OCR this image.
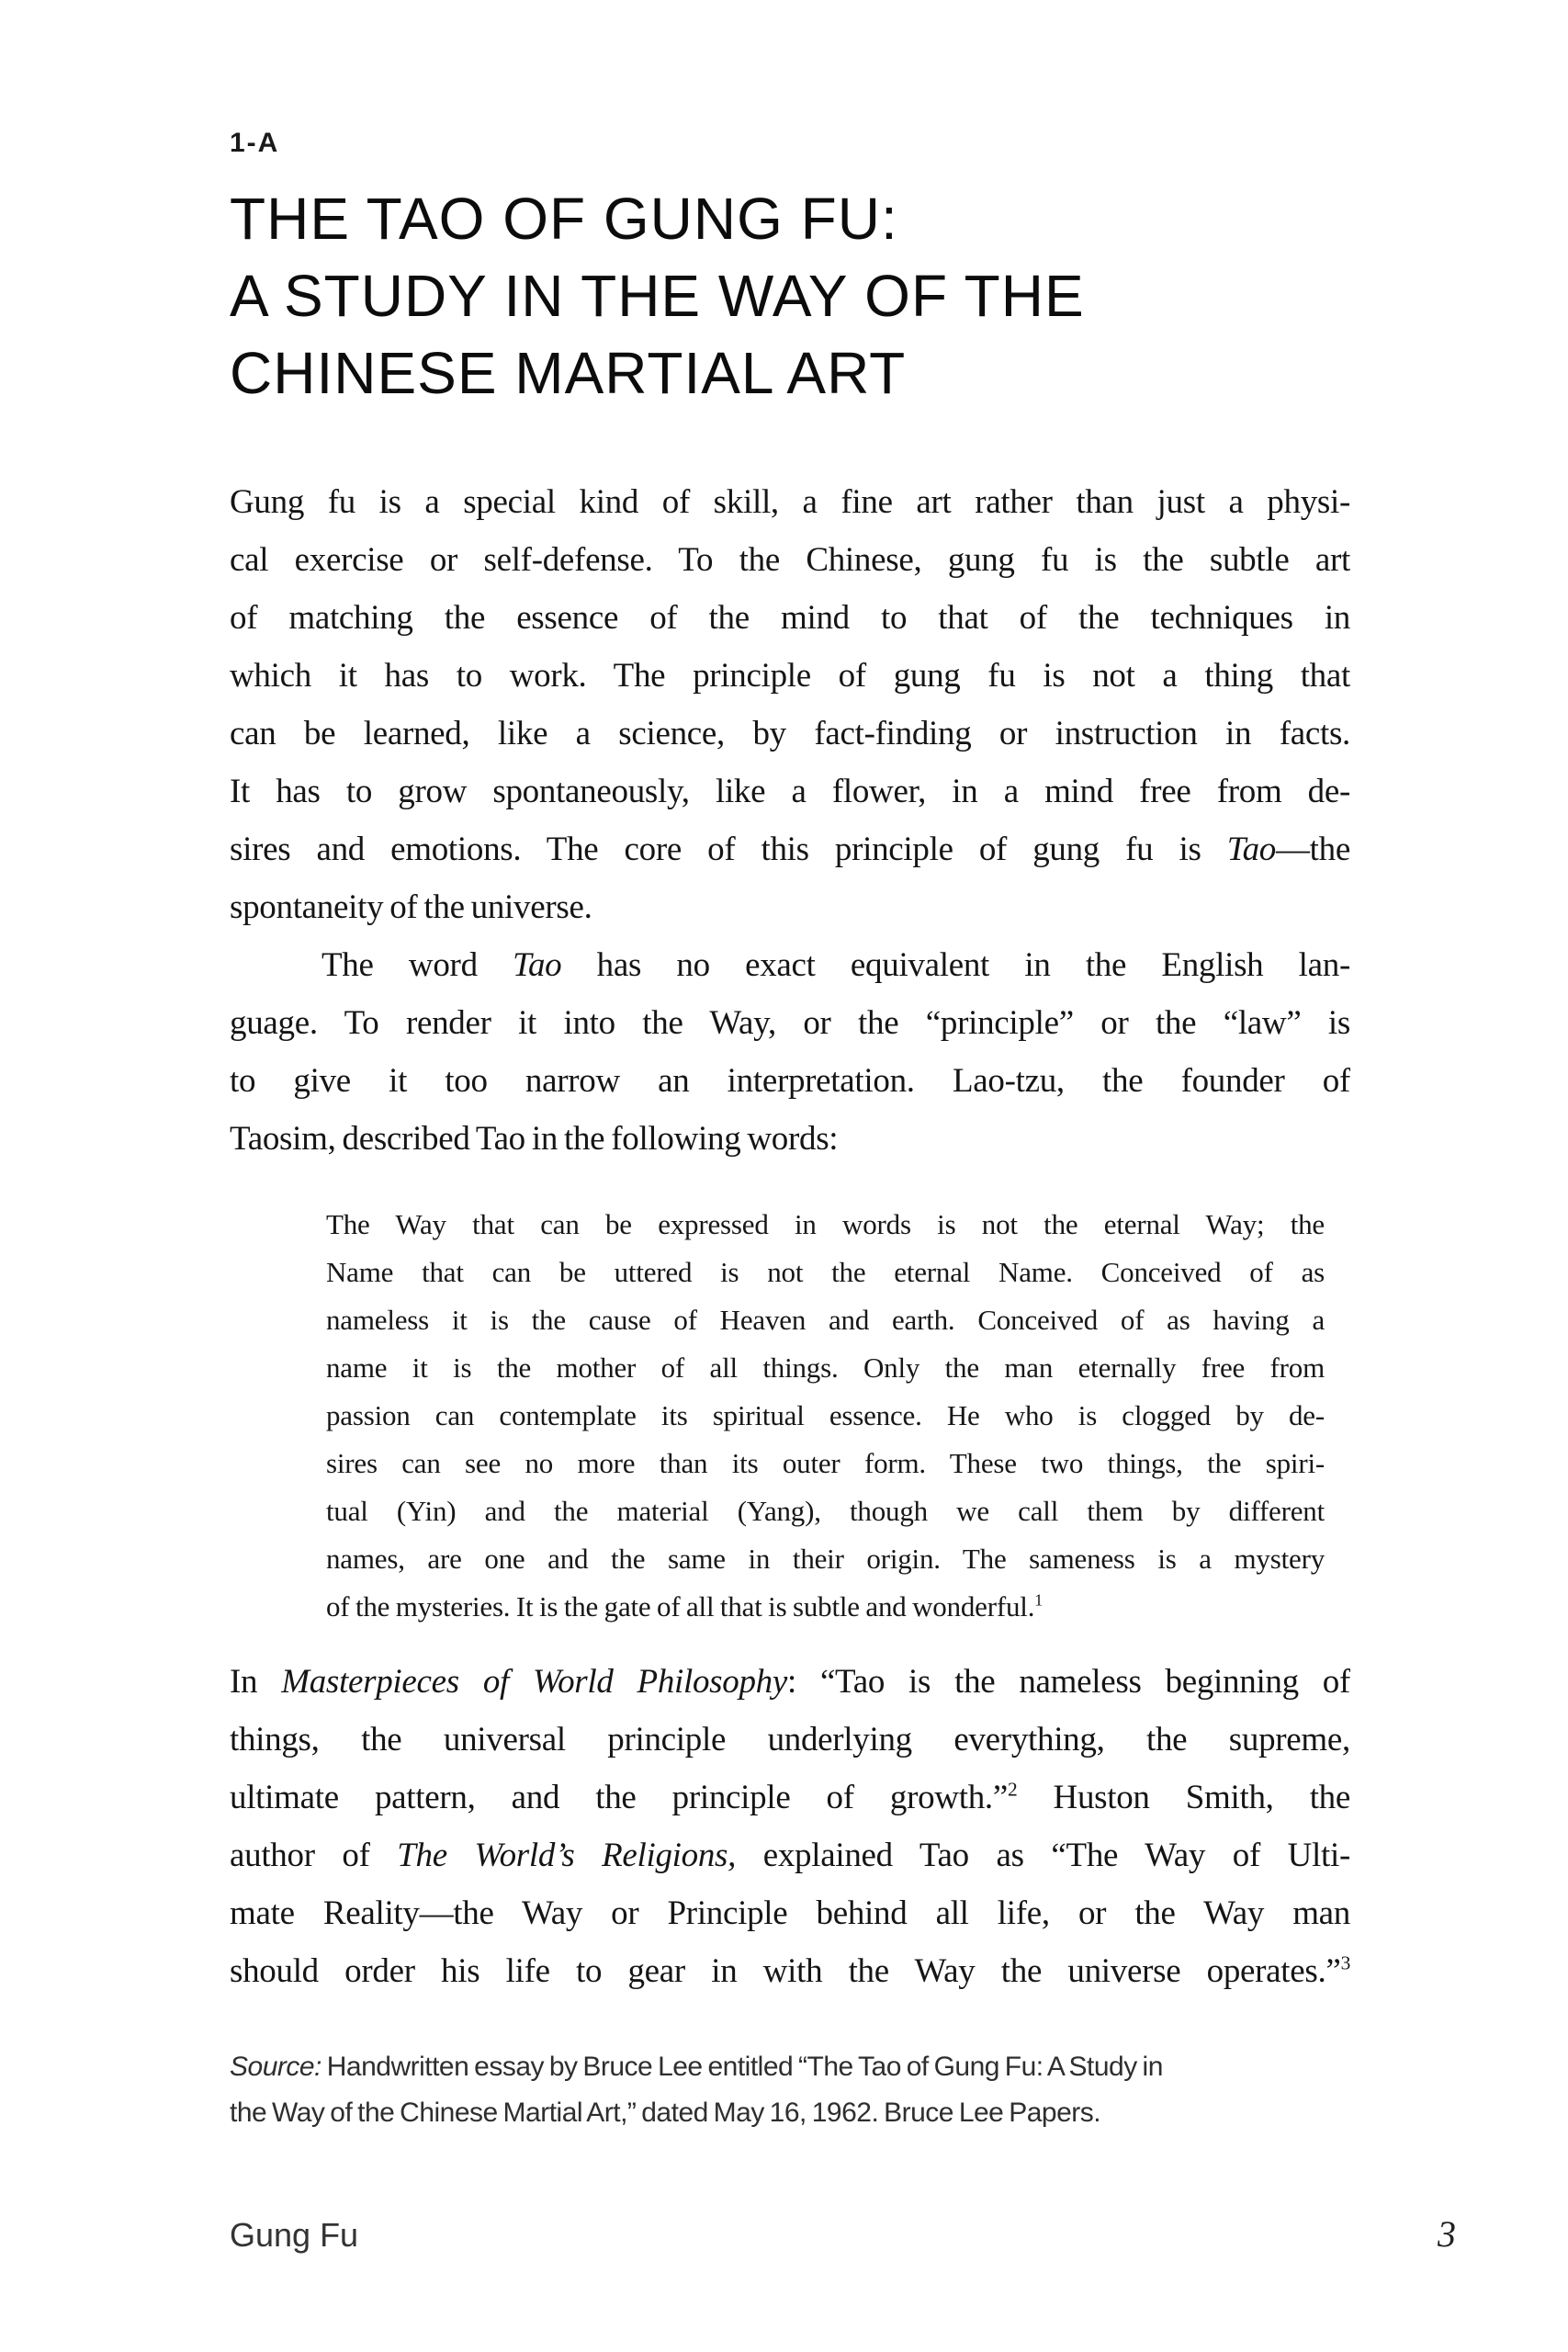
1-A
THE TAO OF GUNG FU:
A STUDY IN THE WAY OF THE
CHINESE MARTIAL ART
Gung fu is a special kind of skill, a fine art rather than just a physi-
cal exercise or self-defense. To the Chinese, gung fu is the subtle art
of matching the essence of the mind to that of the techniques in
which it has to work. The principle of gung fu is not a thing that
can be learned, like a science, by fact-finding or instruction in facts.
It has to grow spontaneously, like a flower, in a mind free from de-
sires and emotions. The core of this principle of gung fu is Tao—the
spontaneity of the universe.
The word Tao has no exact equivalent in the English lan-
guage. To render it into the Way, or the “principle” or the “law” is
to give it too narrow an interpretation. Lao-tzu, the founder of
Taosim, described Tao in the following words:
The Way that can be expressed in words is not the eternal Way; the
Name that can be uttered is not the eternal Name. Conceived of as
nameless it is the cause of Heaven and earth. Conceived of as having a
name it is the mother of all things. Only the man eternally free from
passion can contemplate its spiritual essence. He who is clogged by de-
sires can see no more than its outer form. These two things, the spiri-
tual (Yin) and the material (Yang), though we call them by different
names, are one and the same in their origin. The sameness is a mystery
of the mysteries. It is the gate of all that is subtle and wonderful.$^1$
In Masterpieces of World Philosophy: “Tao is the nameless beginning of
things, the universal principle underlying everything, the supreme,
ultimate pattern, and the principle of growth.”$^2$ Huston Smith, the
author of The World’s Religions, explained Tao as “The Way of Ulti-
mate Reality—the Way or Principle behind all life, or the Way man
should order his life to gear in with the Way the universe operates.”$^3$
Source: Handwritten essay by Bruce Lee entitled “The Tao of Gung Fu: A Study in
the Way of the Chinese Martial Art,” dated May 16, 1962. Bruce Lee Papers.
Gung Fu	3
